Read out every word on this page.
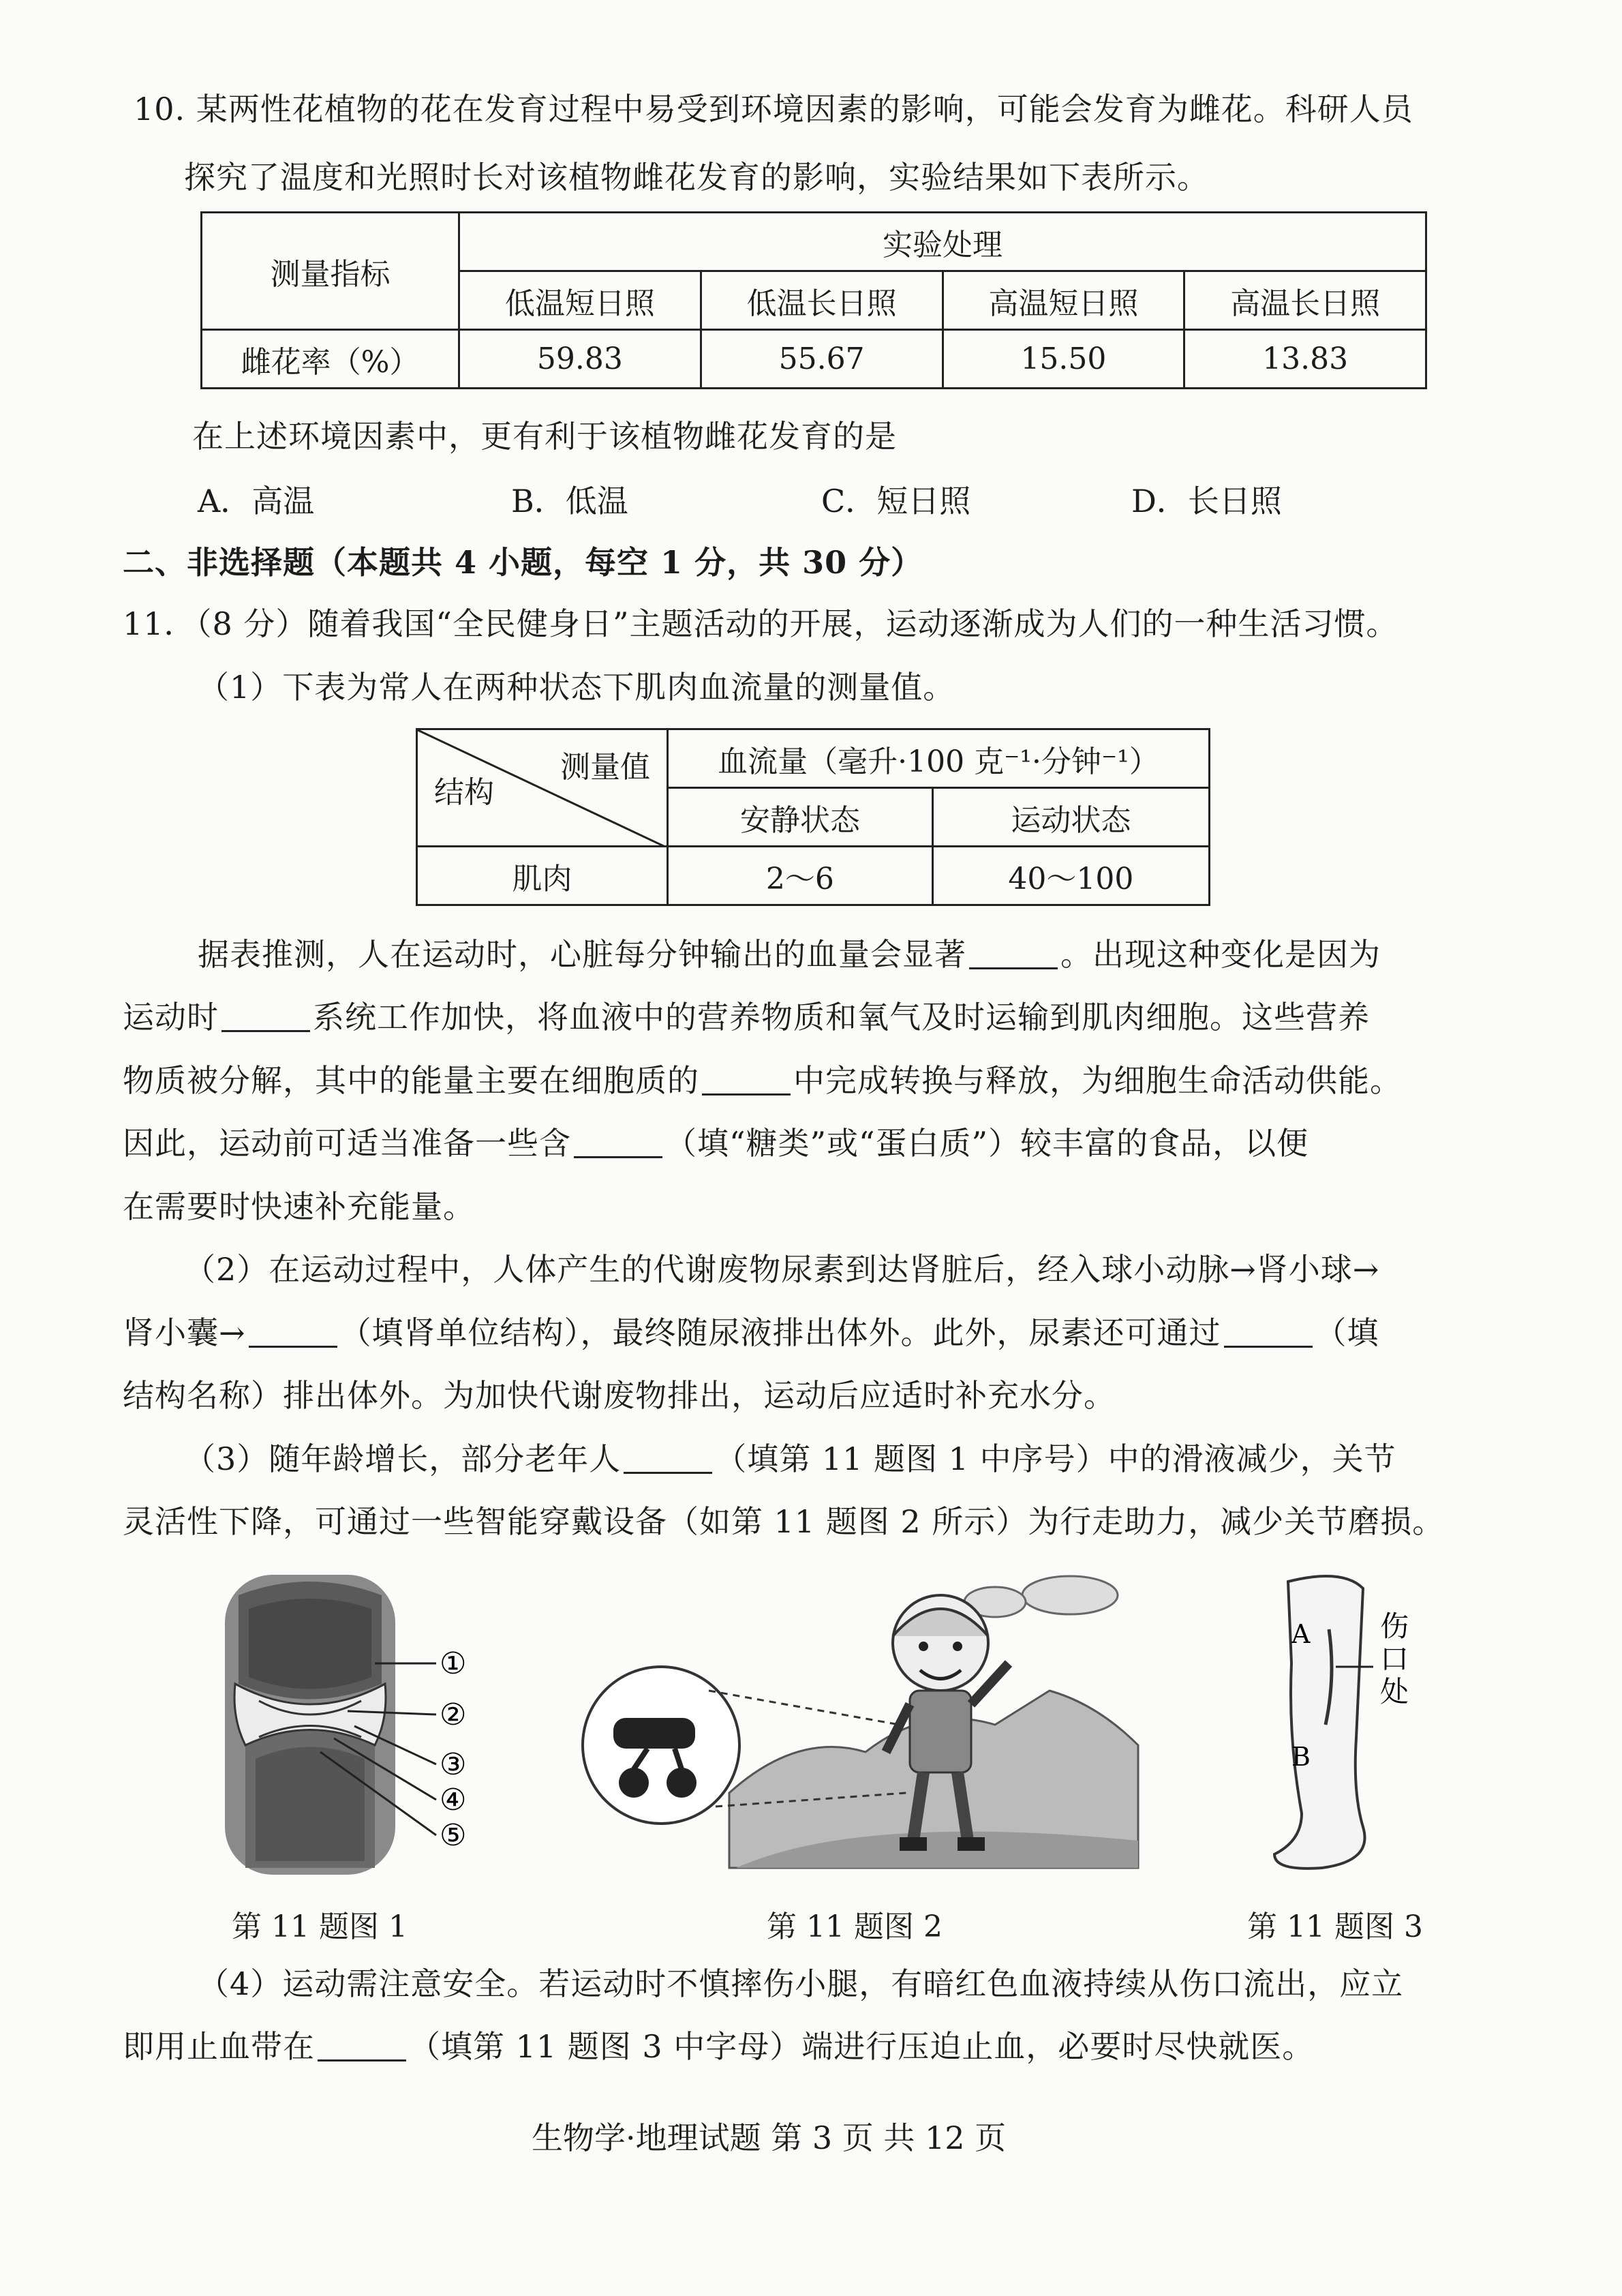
10. 某两性花植物的花在发育过程中易受到环境因素的影响，可能会发育为雌花。科研人员
探究了温度和光照时长对该植物雌花发育的影响，实验结果如下表所示。
测量指标	实验处理			
	低温短日照	低温长日照	高温短日照	高温长日照
雌花率（%）	59.83	55.67	15.50	13.83
在上述环境因素中，更有利于该植物雌花发育的是
A．高温	B．低温	C．短日照	D．长日照
二、非选择题（本题共 4 小题，每空 1 分，共 30 分）
11．（8 分）随着我国“全民健身日”主题活动的开展，运动逐渐成为人们的一种生活习惯。
（1）下表为常人在两种状态下肌肉血流量的测量值。
测量值
结构	血流量（毫升·100 克⁻¹·分钟⁻¹）	
	安静状态	运动状态
肌肉	2～6	40～100
据表推测，人在运动时，心脏每分钟输出的血量会显著	。出现这种变化是因为
运动时	系统工作加快，将血液中的营养物质和氧气及时运输到肌肉细胞。这些营养
物质被分解，其中的能量主要在细胞质的	中完成转换与释放，为细胞生命活动供能。
因此，运动前可适当准备一些含	（填“糖类”或“蛋白质”）较丰富的食品，以便
在需要时快速补充能量。
（2）在运动过程中，人体产生的代谢废物尿素到达肾脏后，经入球小动脉→肾小球→
肾小囊→	（填肾单位结构），最终随尿液排出体外。此外，尿素还可通过	（填
结构名称）排出体外。为加快代谢废物排出，运动后应适时补充水分。
（3）随年龄增长，部分老年人	（填第 11 题图 1 中序号）中的滑液减少，关节
灵活性下降，可通过一些智能穿戴设备（如第 11 题图 2 所示）为行走助力，减少关节磨损。
①
②
③
④
⑤
第 11 题图 1	第 11 题图 2
A
B
伤
口
处
第 11 题图 3
（4）运动需注意安全。若运动时不慎摔伤小腿，有暗红色血液持续从伤口流出，应立
即用止血带在	（填第 11 题图 3 中字母）端进行压迫止血，必要时尽快就医。
生物学·地理试题 第 3 页 共 12 页
